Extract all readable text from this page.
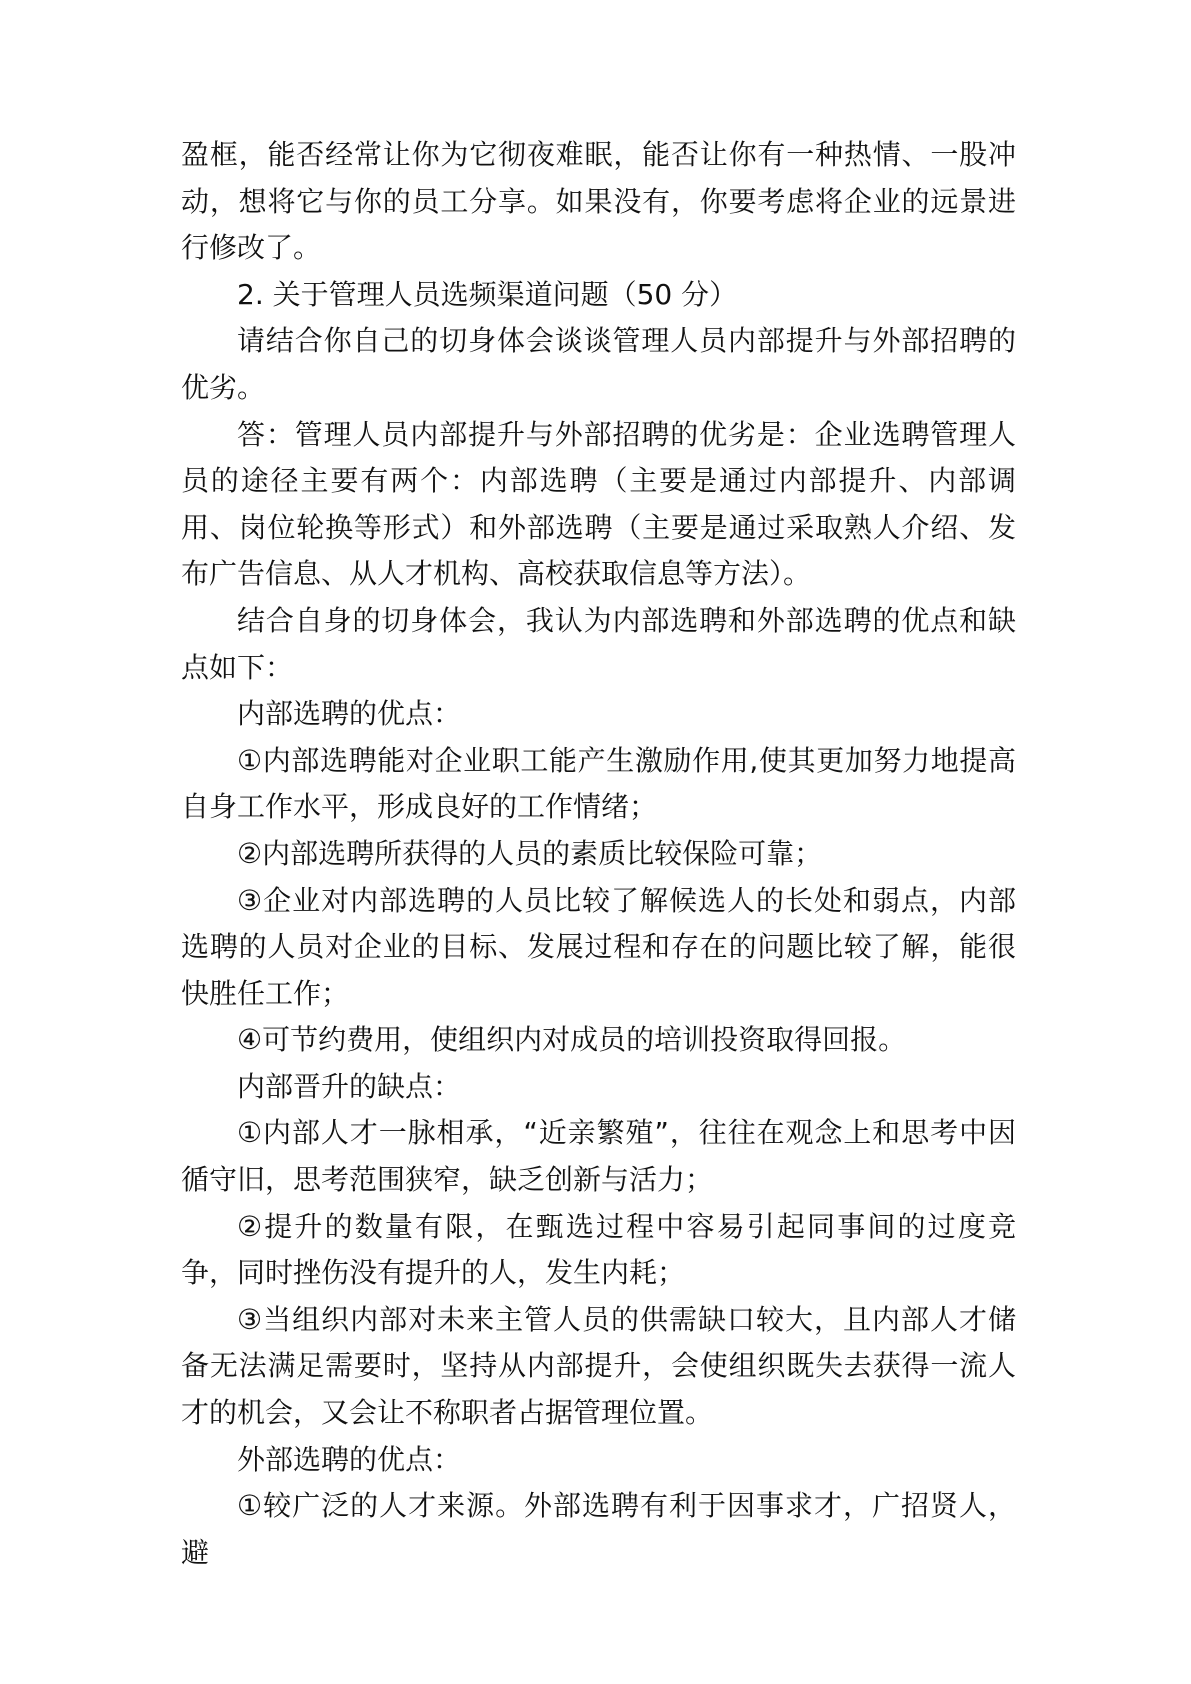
盈框，能否经常让你为它彻夜难眠，能否让你有一种热情、一股冲动，想将它与你的员工分享。如果没有，你要考虑将企业的远景进行修改了。

2. 关于管理人员选频渠道问题（50 分）

请结合你自己的切身体会谈谈管理人员内部提升与外部招聘的优劣。

答：管理人员内部提升与外部招聘的优劣是：企业选聘管理人员的途径主要有两个：内部选聘（主要是通过内部提升、内部调用、岗位轮换等形式）和外部选聘（主要是通过采取熟人介绍、发布广告信息、从人才机构、高校获取信息等方法）。

结合自身的切身体会，我认为内部选聘和外部选聘的优点和缺点如下：

内部选聘的优点：

①内部选聘能对企业职工能产生激励作用,使其更加努力地提高自身工作水平，形成良好的工作情绪；

②内部选聘所获得的人员的素质比较保险可靠；

③企业对内部选聘的人员比较了解候选人的长处和弱点，内部选聘的人员对企业的目标、发展过程和存在的问题比较了解，能很快胜任工作；

④可节约费用，使组织内对成员的培训投资取得回报。

内部晋升的缺点：

①内部人才一脉相承，“近亲繁殖”，往往在观念上和思考中因循守旧，思考范围狭窄，缺乏创新与活力；

②提升的数量有限，在甄选过程中容易引起同事间的过度竞争，同时挫伤没有提升的人，发生内耗；

③当组织内部对未来主管人员的供需缺口较大，且内部人才储备无法满足需要时，坚持从内部提升，会使组织既失去获得一流人才的机会，又会让不称职者占据管理位置。

外部选聘的优点：

①较广泛的人才来源。外部选聘有利于因事求才，广招贤人，避
